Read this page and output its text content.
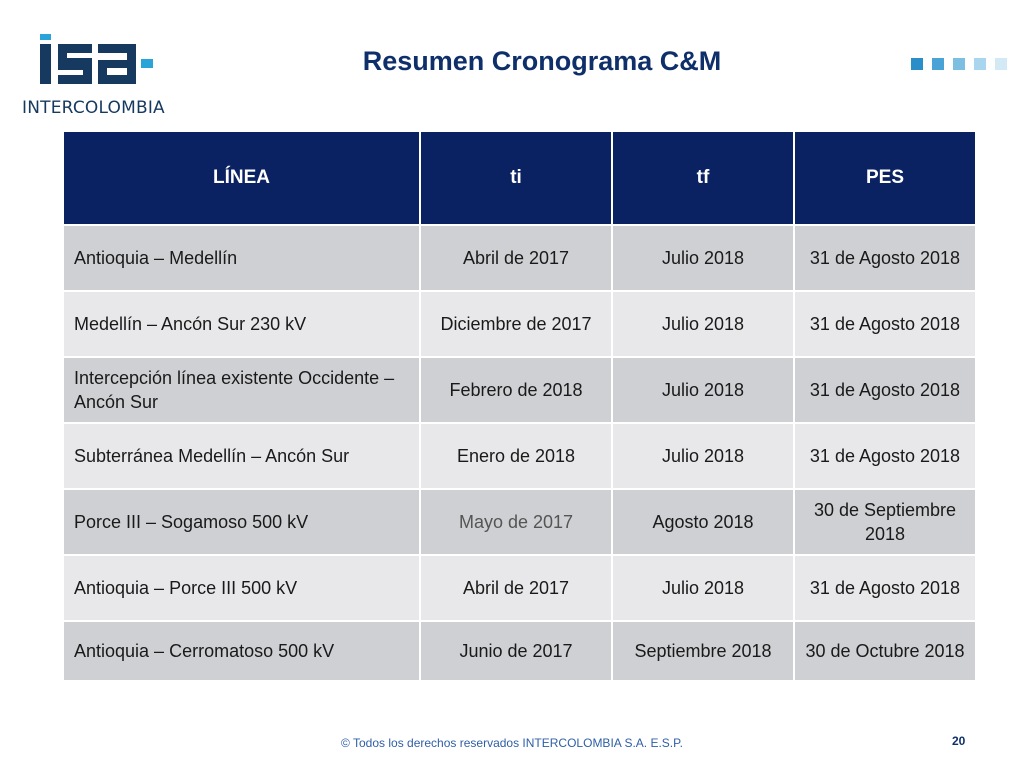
INTERCOLOMBIA
Resumen Cronograma C&M
LÍNEA	ti	tf	PES
Antioquia – Medellín	Abril de 2017	Julio 2018	31 de Agosto 2018
Medellín – Ancón Sur 230 kV	Diciembre de 2017	Julio 2018	31 de Agosto 2018
Intercepción línea existente Occidente – Ancón Sur	Febrero de 2018	Julio 2018	31 de Agosto 2018
Subterránea Medellín – Ancón Sur	Enero de 2018	Julio 2018	31 de Agosto 2018
Porce III – Sogamoso 500 kV	Mayo de 2017	Agosto 2018	30 de Septiembre 2018
Antioquia – Porce III 500 kV	Abril de 2017	Julio 2018	31 de Agosto 2018
Antioquia – Cerromatoso 500 kV	Junio de 2017	Septiembre 2018	30 de Octubre 2018
© Todos los derechos reservados INTERCOLOMBIA S.A. E.S.P.	20
